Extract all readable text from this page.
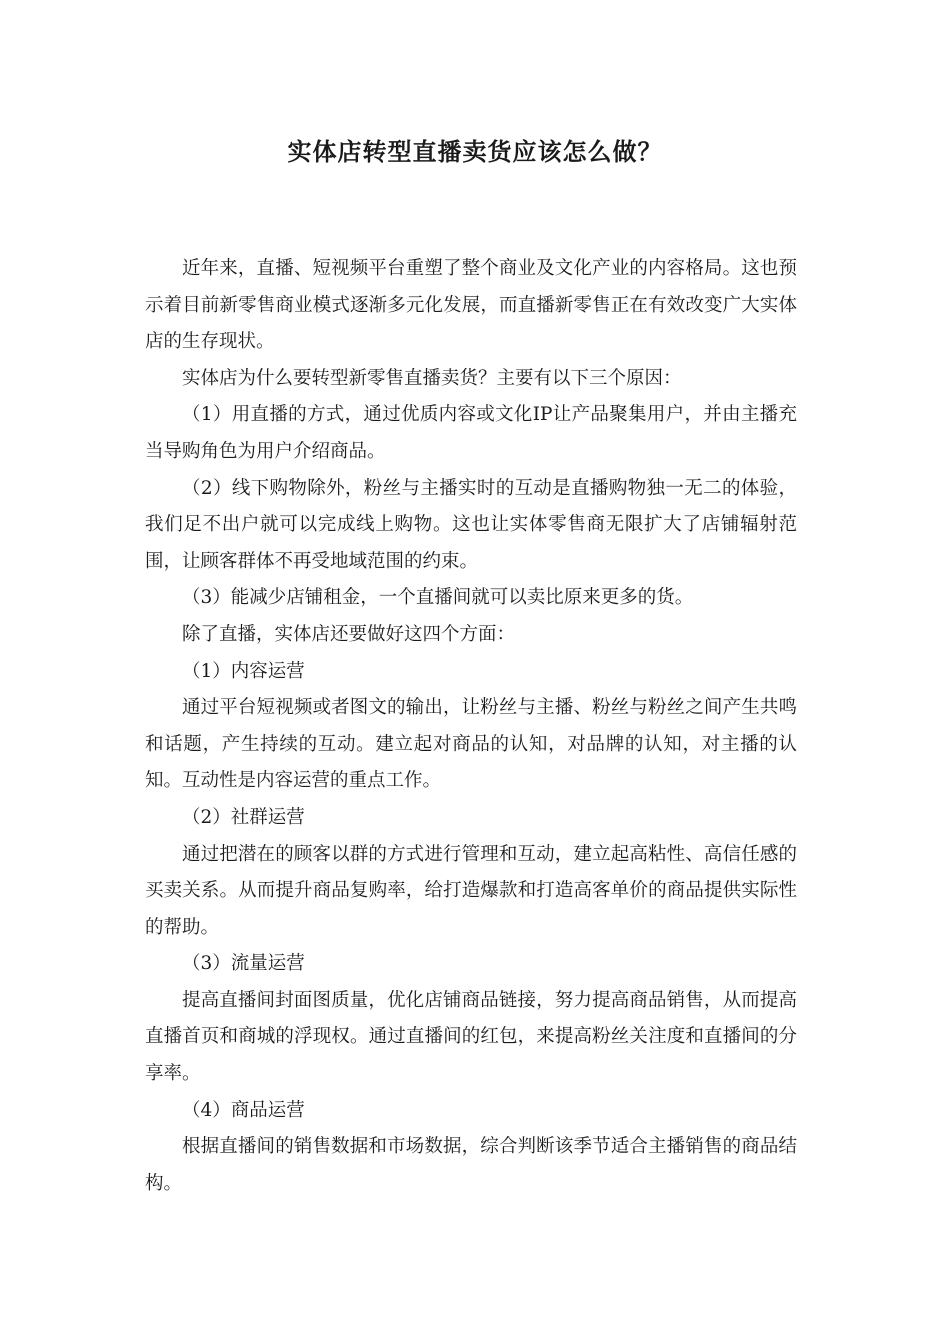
实体店转型直播卖货应该怎么做？

近年来，直播、短视频平台重塑了整个商业及文化产业的内容格局。这也预示着目前新零售商业模式逐渐多元化发展，而直播新零售正在有效改变广大实体店的生存现状。

实体店为什么要转型新零售直播卖货？主要有以下三个原因：

（1）用直播的方式，通过优质内容或文化IP让产品聚集用户，并由主播充当导购角色为用户介绍商品。

（2）线下购物除外，粉丝与主播实时的互动是直播购物独一无二的体验，我们足不出户就可以完成线上购物。这也让实体零售商无限扩大了店铺辐射范围，让顾客群体不再受地域范围的约束。

（3）能减少店铺租金，一个直播间就可以卖比原来更多的货。

除了直播，实体店还要做好这四个方面：

（1）内容运营

通过平台短视频或者图文的输出，让粉丝与主播、粉丝与粉丝之间产生共鸣和话题，产生持续的互动。建立起对商品的认知，对品牌的认知，对主播的认知。互动性是内容运营的重点工作。

（2）社群运营

通过把潜在的顾客以群的方式进行管理和互动，建立起高粘性、高信任感的买卖关系。从而提升商品复购率，给打造爆款和打造高客单价的商品提供实际性的帮助。

（3）流量运营

提高直播间封面图质量，优化店铺商品链接，努力提高商品销售，从而提高直播首页和商城的浮现权。通过直播间的红包，来提高粉丝关注度和直播间的分享率。

（4）商品运营

根据直播间的销售数据和市场数据，综合判断该季节适合主播销售的商品结构。
